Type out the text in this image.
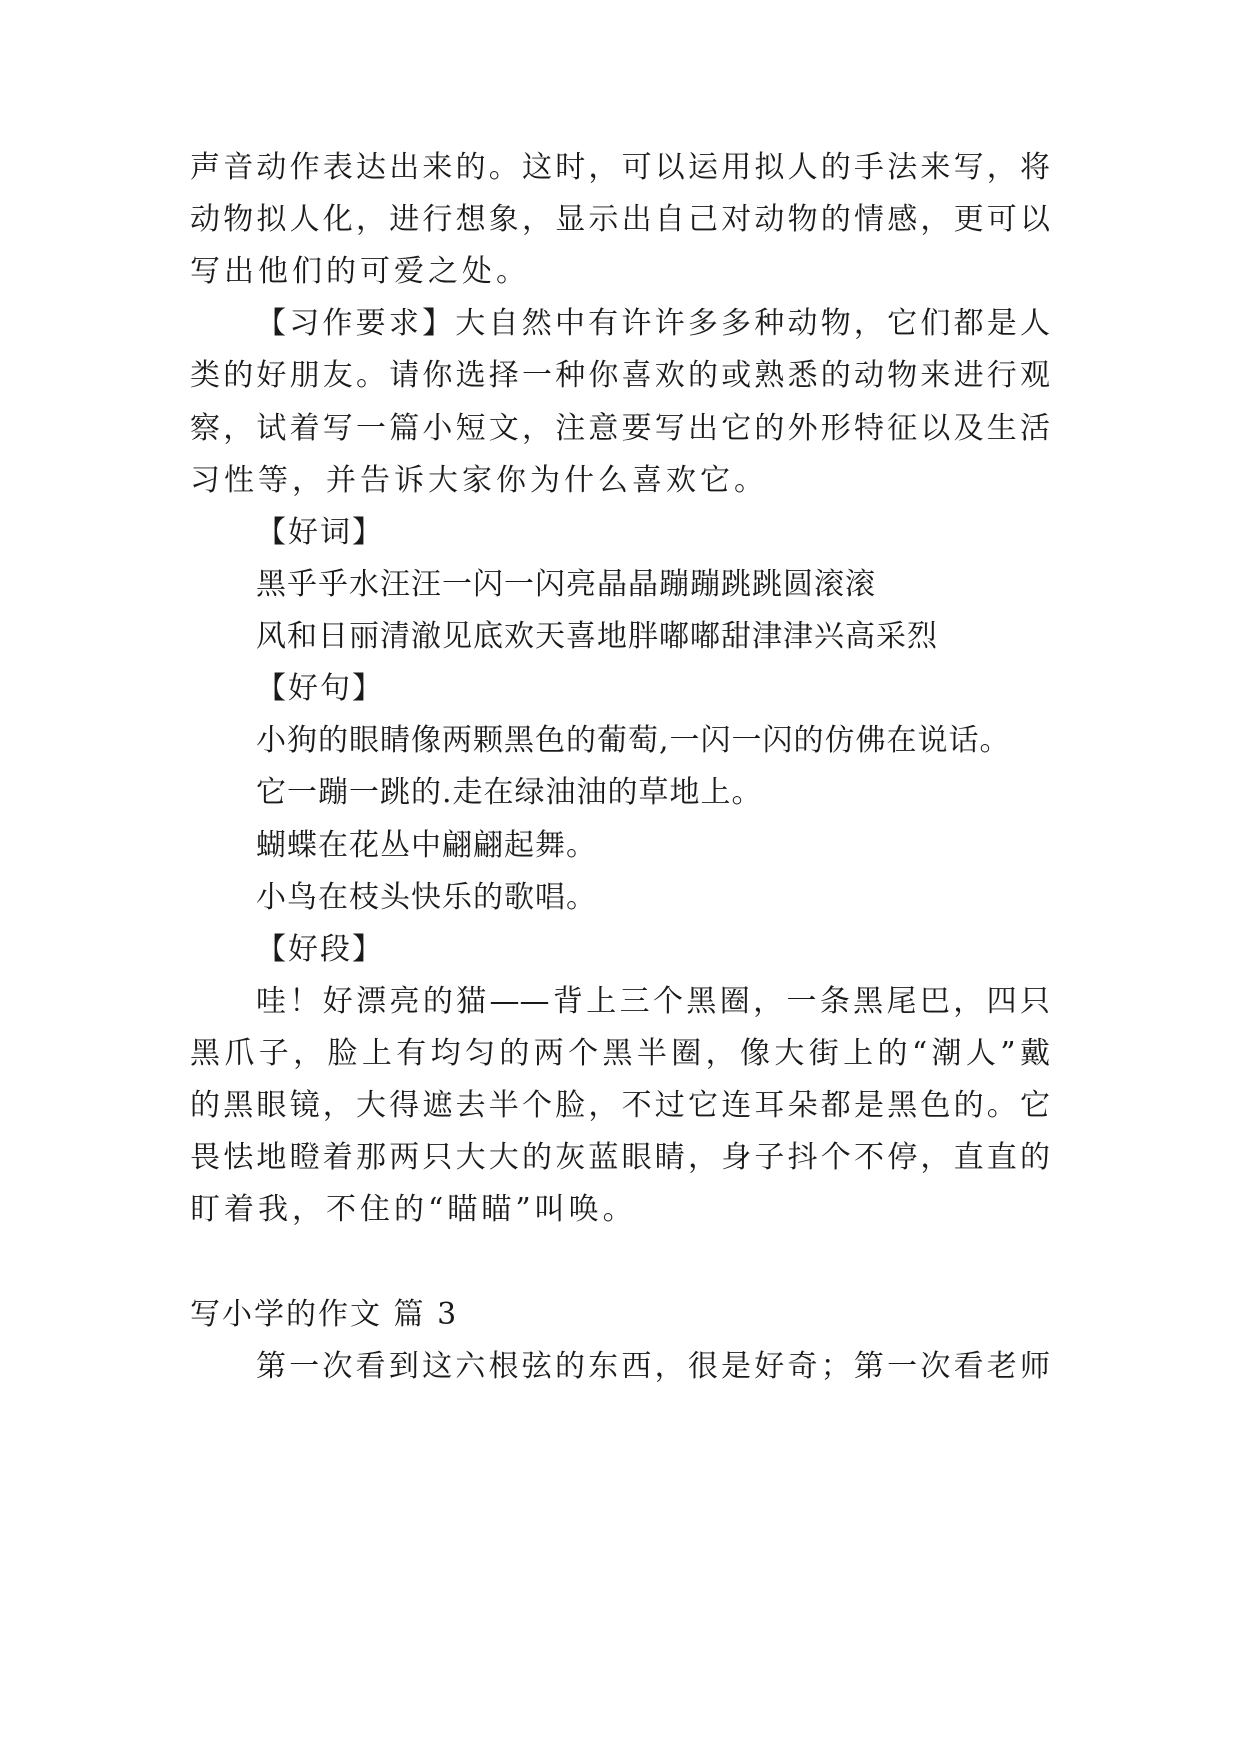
声音动作表达出来的。这时，可以运用拟人的手法来写，将
动物拟人化，进行想象，显示出自己对动物的情感，更可以
写出他们的可爱之处。
【习作要求】大自然中有许许多多种动物，它们都是人
类的好朋友。请你选择一种你喜欢的或熟悉的动物来进行观
察，试着写一篇小短文，注意要写出它的外形特征以及生活
习性等，并告诉大家你为什么喜欢它。
【好词】
黑乎乎水汪汪一闪一闪亮晶晶蹦蹦跳跳圆滚滚
风和日丽清澈见底欢天喜地胖嘟嘟甜津津兴高采烈
【好句】
小狗的眼睛像两颗黑色的葡萄,一闪一闪的仿佛在说话。
它一蹦一跳的.走在绿油油的草地上。
蝴蝶在花丛中翩翩起舞。
小鸟在枝头快乐的歌唱。
【好段】
哇！好漂亮的猫——背上三个黑圈，一条黑尾巴，四只
黑爪子，脸上有均匀的两个黑半圈，像大街上的“潮人”戴
的黑眼镜，大得遮去半个脸，不过它连耳朵都是黑色的。它
畏怯地瞪着那两只大大的灰蓝眼睛，身子抖个不停，直直的
盯着我，不住的“瞄瞄”叫唤。
写小学的作文 篇 3
第一次看到这六根弦的东西，很是好奇；第一次看老师
